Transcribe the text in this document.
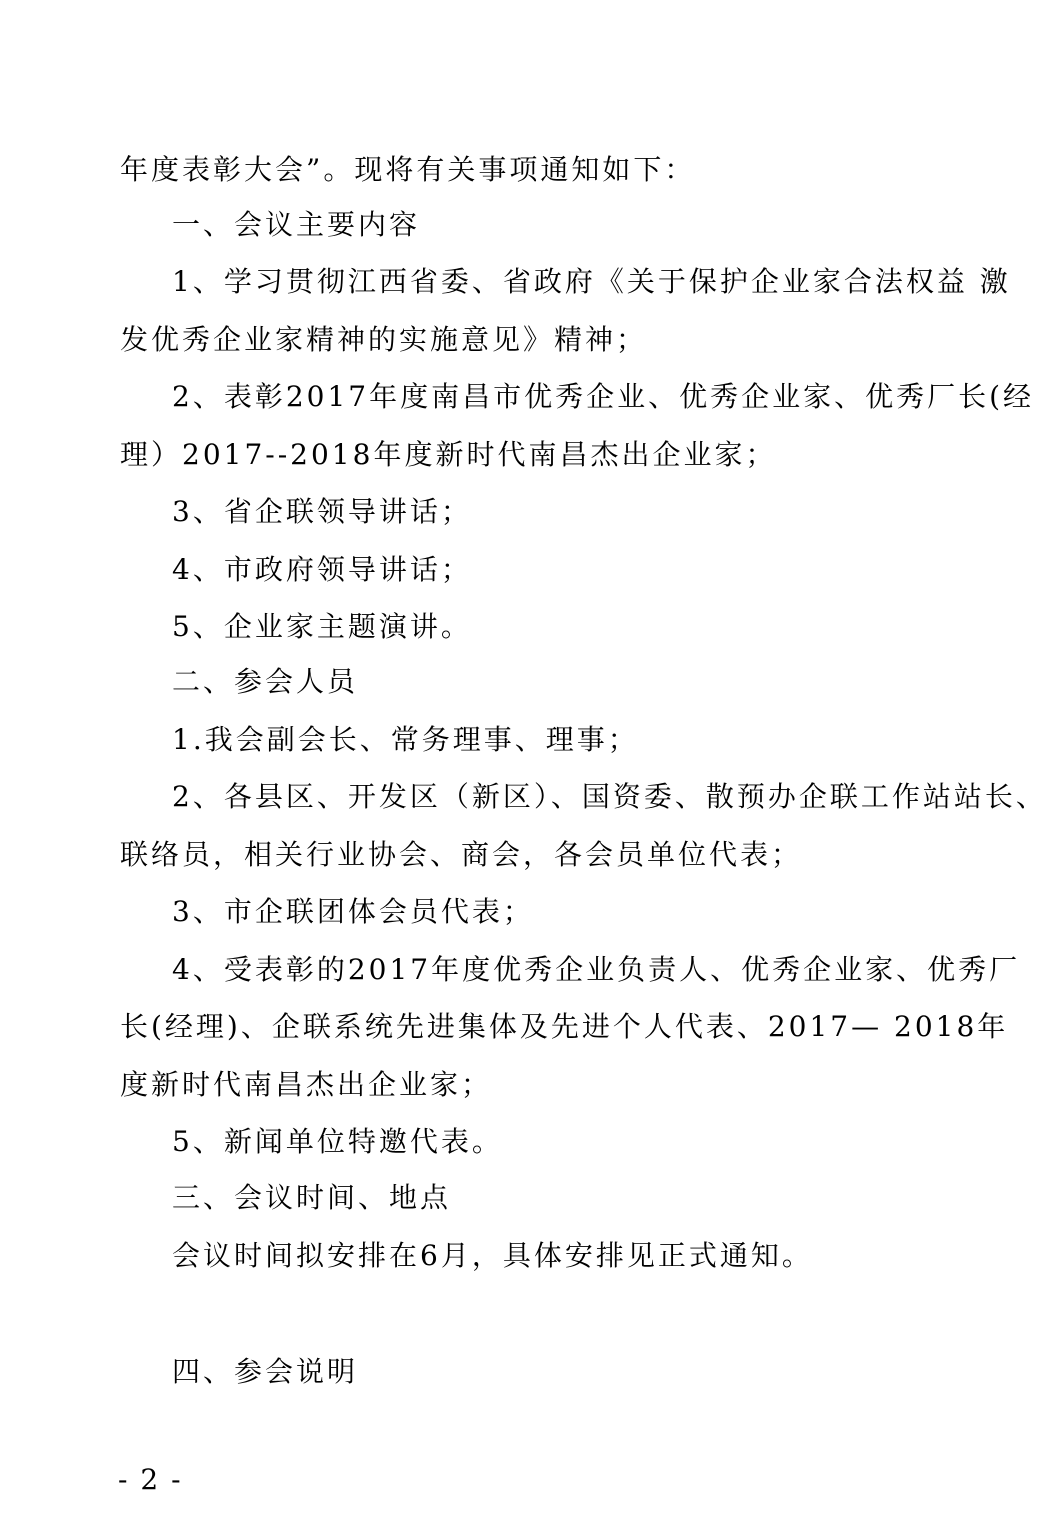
年度表彰大会”。现将有关事项通知如下：
一、会议主要内容
1、学习贯彻江西省委、省政府《关于保护企业家合法权益 激
发优秀企业家精神的实施意见》精神；
2、表彰2017年度南昌市优秀企业、优秀企业家、优秀厂长(经
理）2017--2018年度新时代南昌杰出企业家；
3、省企联领导讲话；
4、市政府领导讲话；
5、企业家主题演讲。
二、参会人员
1.我会副会长、常务理事、理事；
2、各县区、开发区（新区）、国资委、散预办企联工作站站长、
联络员，相关行业协会、商会，各会员单位代表；
3、市企联团体会员代表；
4、受表彰的2017年度优秀企业负责人、优秀企业家、优秀厂
长(经理)、企联系统先进集体及先进个人代表、2017— 2018年
度新时代南昌杰出企业家；
5、新闻单位特邀代表。
三、会议时间、地点
会议时间拟安排在6月，具体安排见正式通知。
四、参会说明
- 2 -
